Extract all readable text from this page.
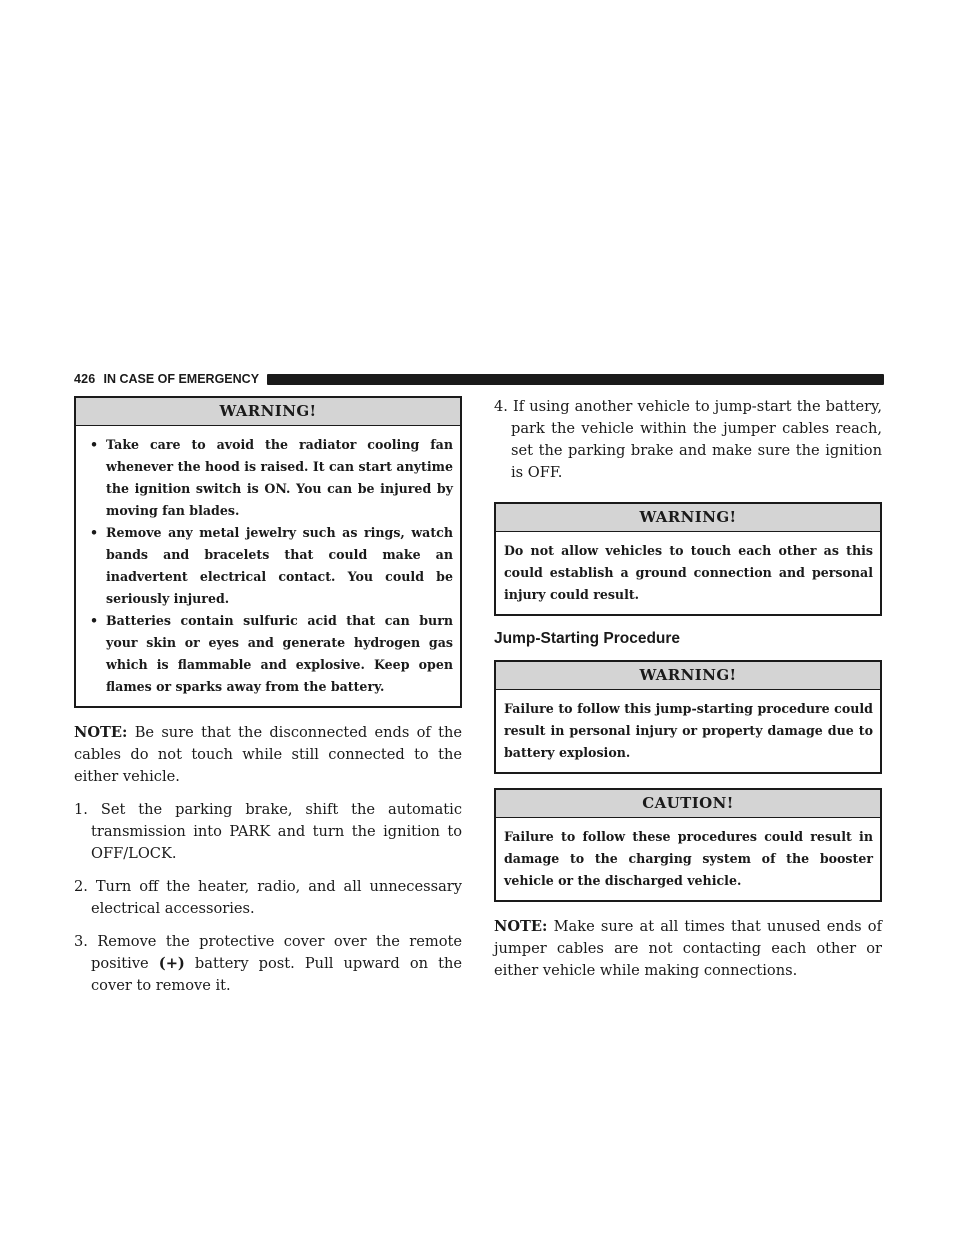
426 IN CASE OF EMERGENCY
WARNING!
• Take care to avoid the radiator cooling fan whenever the hood is raised. It can start anytime the ignition switch is ON. You can be injured by moving fan blades.
• Remove any metal jewelry such as rings, watch bands and bracelets that could make an inadvertent electrical contact. You could be seriously injured.
• Batteries contain sulfuric acid that can burn your skin or eyes and generate hydrogen gas which is flammable and explosive. Keep open flames or sparks away from the battery.

NOTE: Be sure that the disconnected ends of the cables do not touch while still connected to the either vehicle.

1. Set the parking brake, shift the automatic transmission into PARK and turn the ignition to OFF/LOCK.
2. Turn off the heater, radio, and all unnecessary electrical accessories.
3. Remove the protective cover over the remote positive (+) battery post. Pull upward on the cover to remove it.
4. If using another vehicle to jump-start the battery, park the vehicle within the jumper cables reach, set the parking brake and make sure the ignition is OFF.
WARNING!
Do not allow vehicles to touch each other as this could establish a ground connection and personal injury could result.
Jump-Starting Procedure
WARNING!
Failure to follow this jump-starting procedure could result in personal injury or property damage due to battery explosion.
CAUTION!
Failure to follow these procedures could result in damage to the charging system of the booster vehicle or the discharged vehicle.

NOTE: Make sure at all times that unused ends of jumper cables are not contacting each other or either vehicle while making connections.
